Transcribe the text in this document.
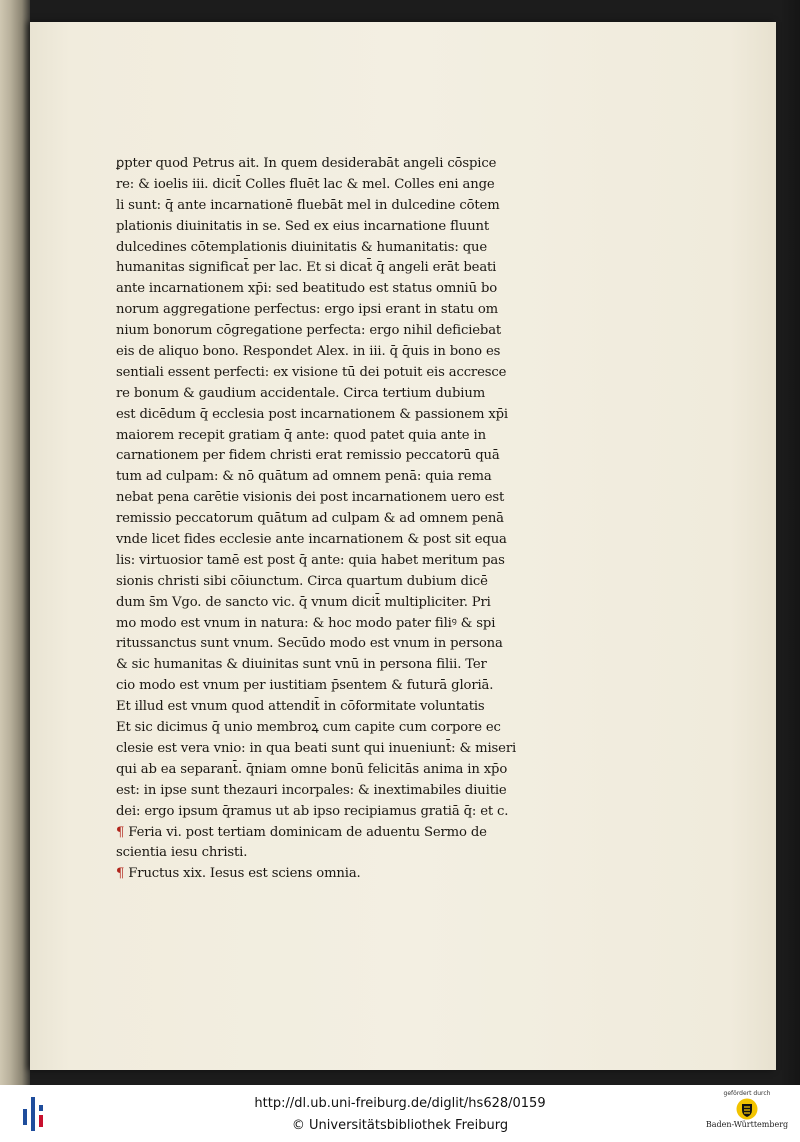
ꝑpter quod Petrus ait. In quem desiderabāt angeli cōspice
re: & ioelis iii. dicit̄ Colles fluēt lac & mel. Colles eni ange
li sunt: q̄ ante incarnationē fluebāt mel in dulcedine cōtem
plationis diuinitatis in se. Sed ex eius incarnatione fluunt
dulcedines cōtemplationis diuinitatis & humanitatis: que
humanitas significat̄ per lac. Et si dicat̄ q̄ angeli erāt beati
ante incarnationem xp̄i: sed beatitudo est status omniū bo
norum aggregatione perfectus: ergo ipsi erant in statu om
nium bonorum cōgregatione perfecta: ergo nihil deficiebat
eis de aliquo bono. Respondet Alex. in iii. q̄ q̄uis in bono es
sentiali essent perfecti: ex visione tū dei potuit eis accresce
re bonum & gaudium accidentale. Circa tertium dubium
est dicēdum q̄ ecclesia post incarnationem & passionem xp̄i
maiorem recepit gratiam q̄ ante: quod patet quia ante in
carnationem per fidem christi erat remissio peccatorū quā
tum ad culpam: & nō quātum ad omnem penā: quia rema
nebat pena carētie visionis dei post incarnationem uero est
remissio peccatorum quātum ad culpam & ad omnem penā
vnde licet fides ecclesie ante incarnationem & post sit equa
lis: virtuosior tamē est post q̄ ante: quia habet meritum pas
sionis christi sibi cōiunctum. Circa quartum dubium dicē
dum s̄m Vgo. de sancto vic. q̄ vnum dicit̄ multipliciter. Pri
mo modo est vnum in natura: & hoc modo pater filiꝰ & spi
ritussanctus sunt vnum. Secūdo modo est vnum in persona
& sic humanitas & diuinitas sunt vnū in persona filii. Ter
cio modo est vnum per iustitiam p̄sentem & futurā gloriā.
Et illud est vnum quod attendit̄ in cōformitate voluntatis
Et sic dicimus q̄ unio membroꝝ cum capite cum corpore ec
clesie est vera vnio: in qua beati sunt qui inueniunt̄: & miseri
qui ab ea separant̄. q̄niam omne bonū felicitās anima in xp̄o
est: in ipse sunt thezauri incorpales: & inextimabiles diuitie
dei: ergo ipsum q̄ramus ut ab ipso recipiamus gratiā q̄: et c.
¶ Feria vi. post tertiam dominicam de aduentu Sermo de
scientia iesu christi.
¶ Fructus xix. Iesus est sciens omnia.
http://dl.ub.uni-freiburg.de/diglit/hs628/0159
© Universitätsbibliothek Freiburg
gefördert durch
Baden-Württemberg
